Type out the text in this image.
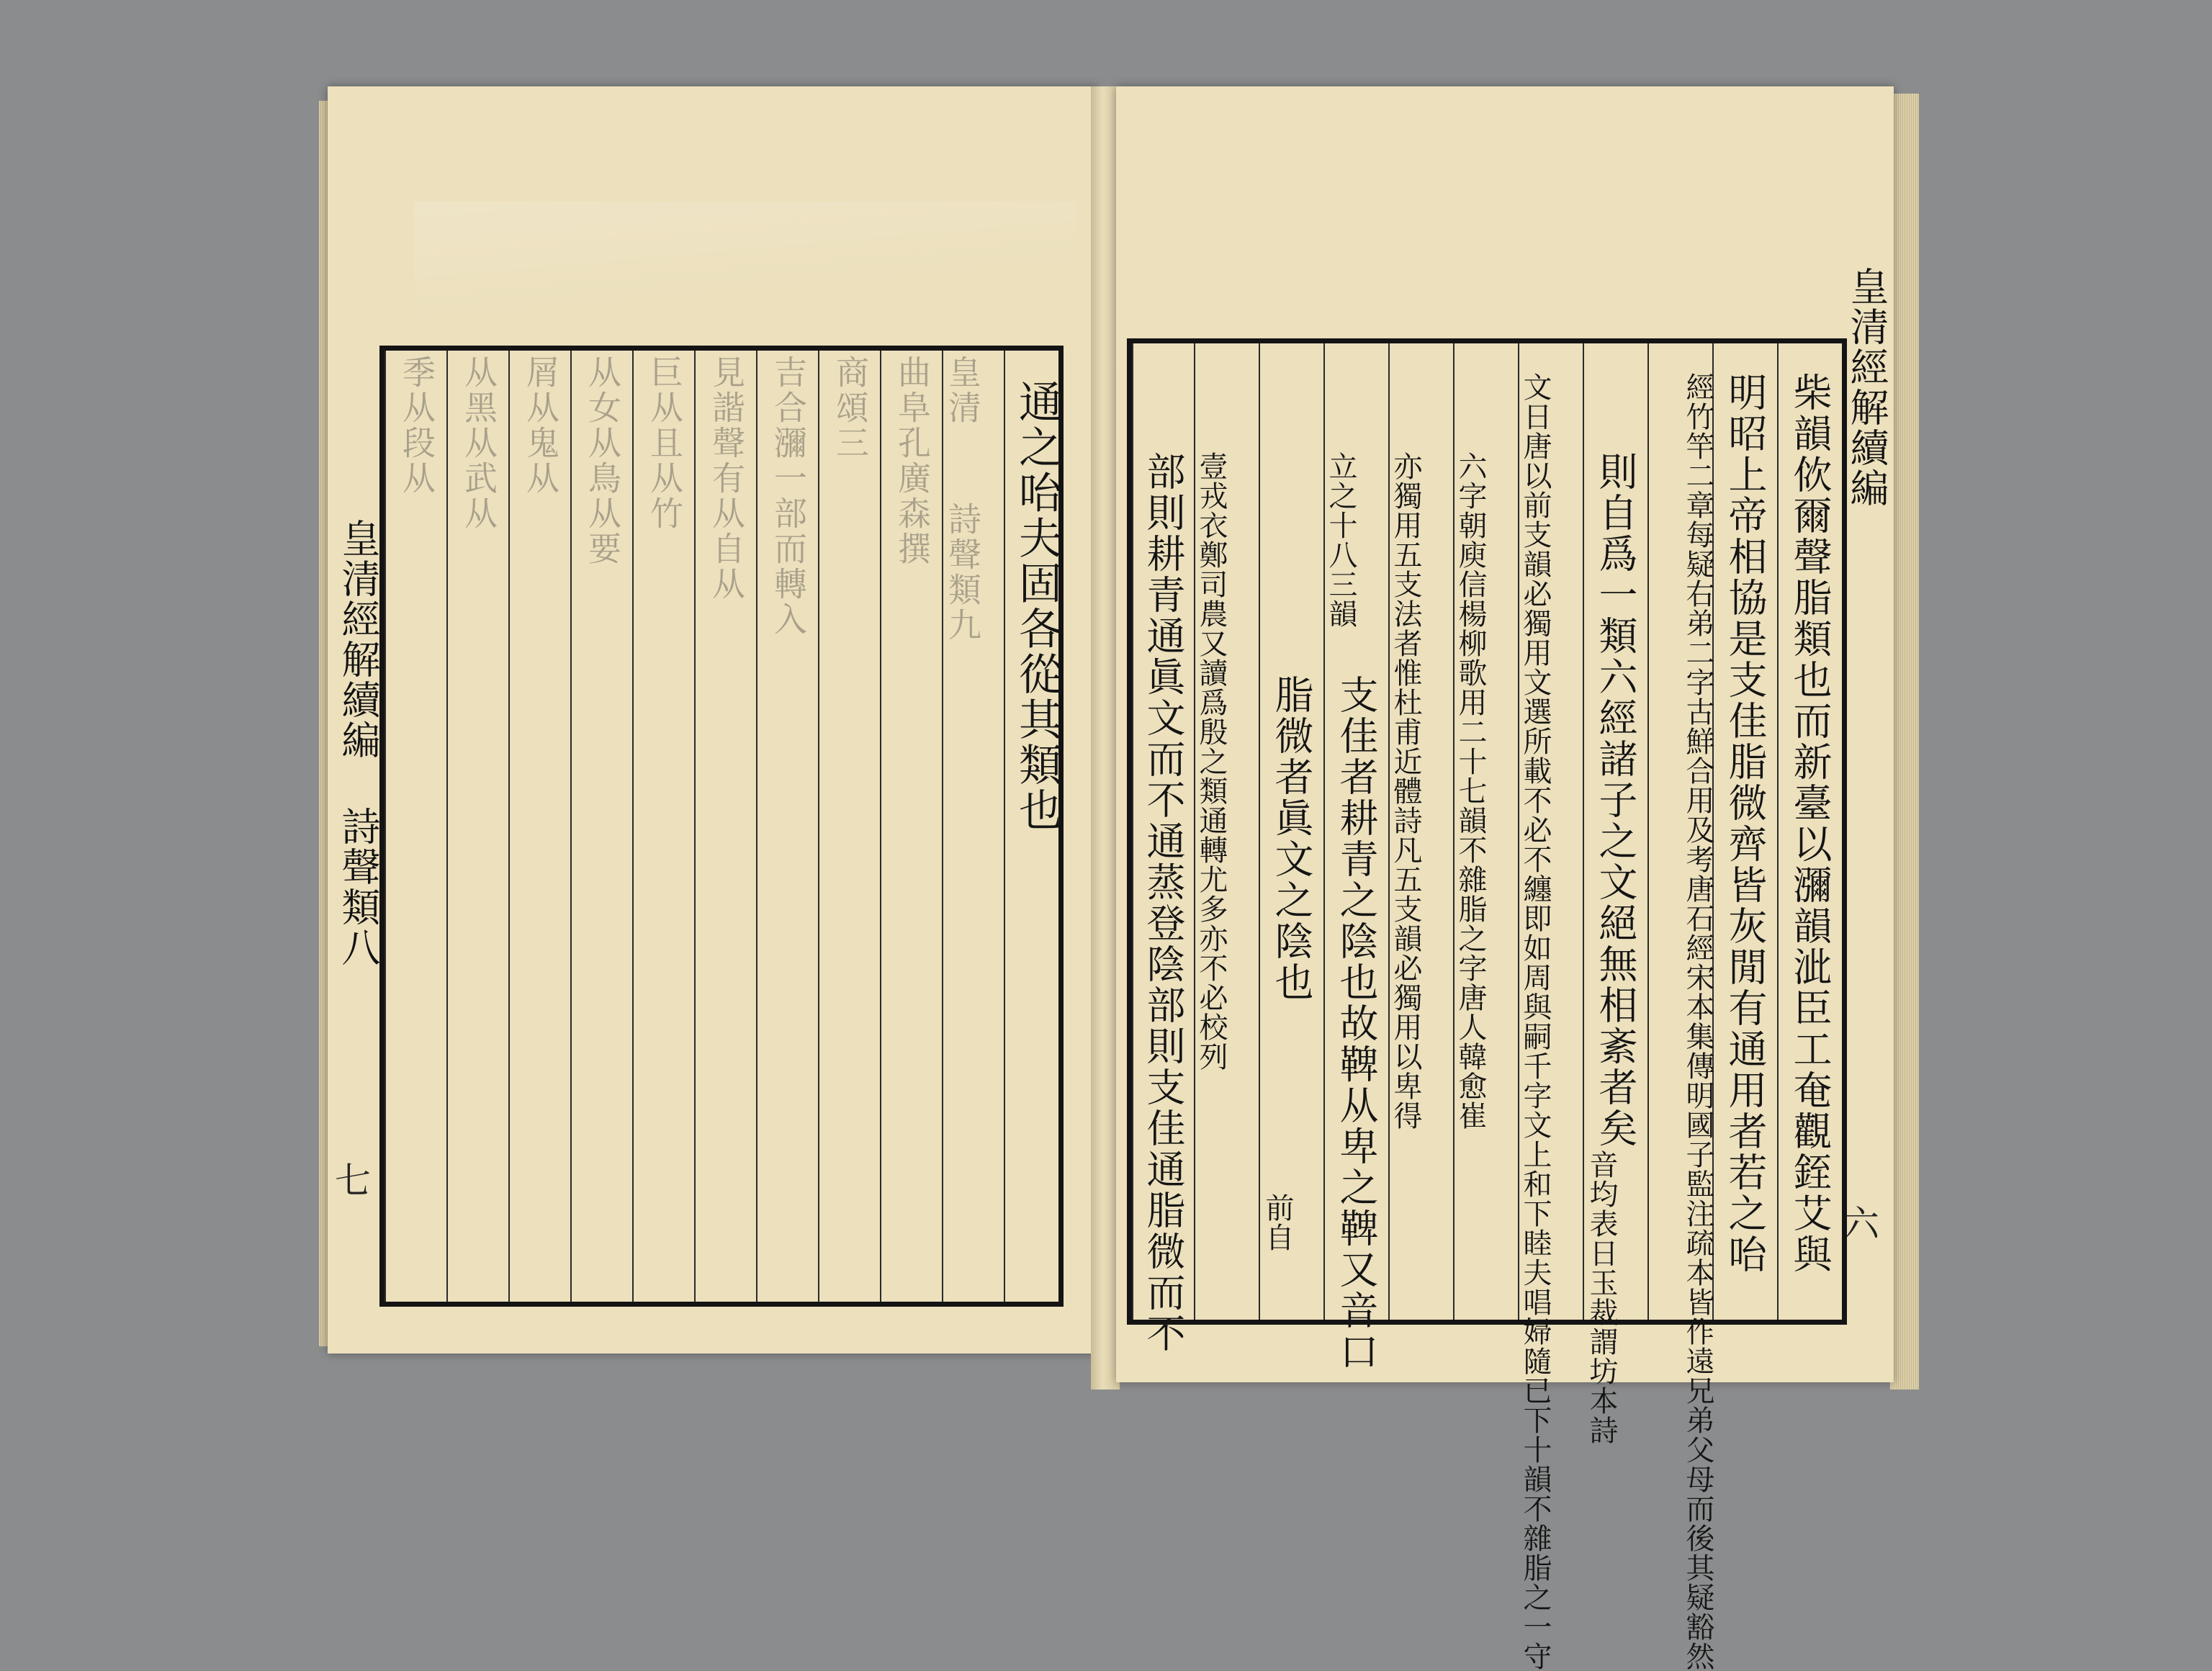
皇清經解續編
詩聲類八
七
季从段从 从黑从武从 屑从鬼从 从女从鳥从要 巨从且从竹 見諧聲有从自从 吉合瀰一部而轉入 商頌三 曲阜孔廣森撰 皇清
詩聲類九 通之咍夫固各從其類也	皇清經解續編
六
柴韻佽爾聲脂類也而新臺以瀰韻泚臣工奄觀銍艾與
明昭上帝相協是支佳脂微齊皆灰閒有通用者若之咍
經竹竿二章每疑右弟二字古鮮合用及考唐石經宋本集傳明國子監注疏本皆作遠兄弟父母而後其疑豁然
則自爲一類六經諸子之文絕無相紊者矣
音均表日玉裁謂坊本詩
文日唐以前支韻必獨用文選所載不必不纏即如周與嗣千字文上和下睦夫唱婦隨已下十韻不雜脂之一守
六字朝庾信楊柳歌用二十七韻不雜脂之字唐人韓愈崔
亦獨用五支法者惟杜甫近體詩凡五支韻必獨用以卑得
立之十八三韻
支佳者耕青之陰也故鞞从卑之鞞又音口
脂微者眞文之陰也
前自
壹戎衣鄭司農又讀爲殷之類通轉尤多亦不必校列
部則耕青通眞文而不通蒸登陰部則支佳通脂微而不
